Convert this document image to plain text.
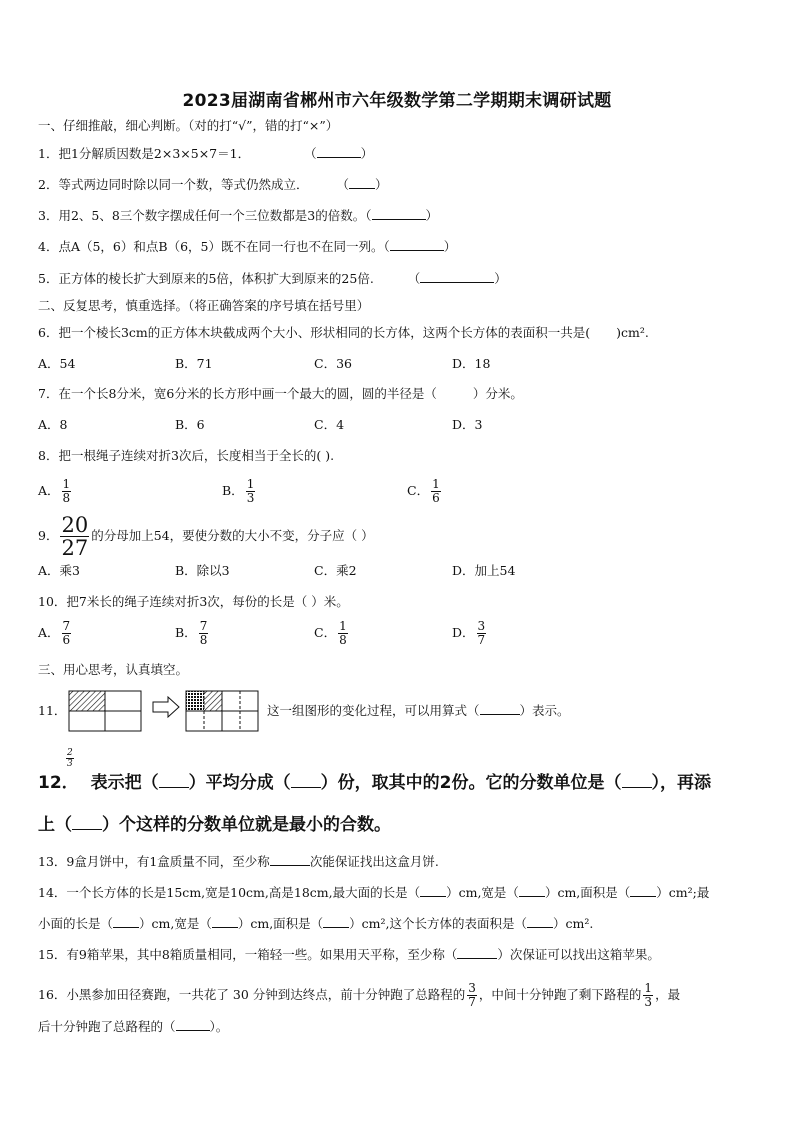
2023届湖南省郴州市六年级数学第二学期期末调研试题
一、仔细推敲，细心判断。（对的打“√”，错的打“×”）
1．把1分解质因数是2×3×5×7＝1．	（	）
2．等式两边同时除以同一个数，等式仍然成立． （ ）
3．用2、5、8三个数字摆成任何一个三位数都是3的倍数。（	）
4．点A（5，6）和点B（6，5）既不在同一行也不在同一列。（	）
5．正方体的棱长扩大到原来的5倍，体积扩大到原来的25倍.	（	）
二、反复思考，慎重选择。（将正确答案的序号填在括号里）
6．把一个棱长3cm的正方体木块截成两个大小、形状相同的长方体，这两个长方体的表面积一共是( )cm².
A．54	B．71	C．36	D．18
7．在一个长8分米，宽6分米的长方形中画一个最大的圆，圆的半径是（	）分米。
A．8	B．6	C．4	D．3
8．把一根绳子连续对折3次后，长度相当于全长的( ).
A． $\frac{1}{8}$	B． $\frac{1}{3}$	C． $\frac{1}{6}$
9． $\frac{20}{27}$ 的分母加上54，要使分数的大小不变，分子应（ ）
A．乘3	B．除以3	C．乘2	D．加上54
10．把7米长的绳子连续对折3次，每份的长是（ ）米。
A． $\frac{7}{6}$	B． $\frac{7}{8}$	C． $\frac{1}{8}$	D． $\frac{3}{7}$
三、用心思考，认真填空。
11．	这一组图形的变化过程，可以用算式（	）表示。
$\frac{2}{3}$
12． 表示把（ ）平均分成（ ）份，取其中的2份。它的分数单位是（ ），再添
上（ ）个这样的分数单位就是最小的合数。
13．9盒月饼中，有1盒质量不同，至少称	次能保证找出这盒月饼.
14．一个长方体的长是15cm,宽是10cm,高是18cm,最大面的长是（ ）cm,宽是（ ）cm,面积是（ ）cm²;最
小面的长是（ ）cm,宽是（ ）cm,面积是（ ）cm²,这个长方体的表面积是（ ）cm².
15．有9箱苹果，其中8箱质量相同，一箱轻一些。如果用天平称，至少称（	）次保证可以找出这箱苹果。
16．小黑参加田径赛跑，一共花了 30 分钟到达终点，前十分钟跑了总路程的 $\frac{3}{7}$ ，中间十分钟跑了剩下路程的 $\frac{1}{3}$ ，最
后十分钟跑了总路程的（	）。
